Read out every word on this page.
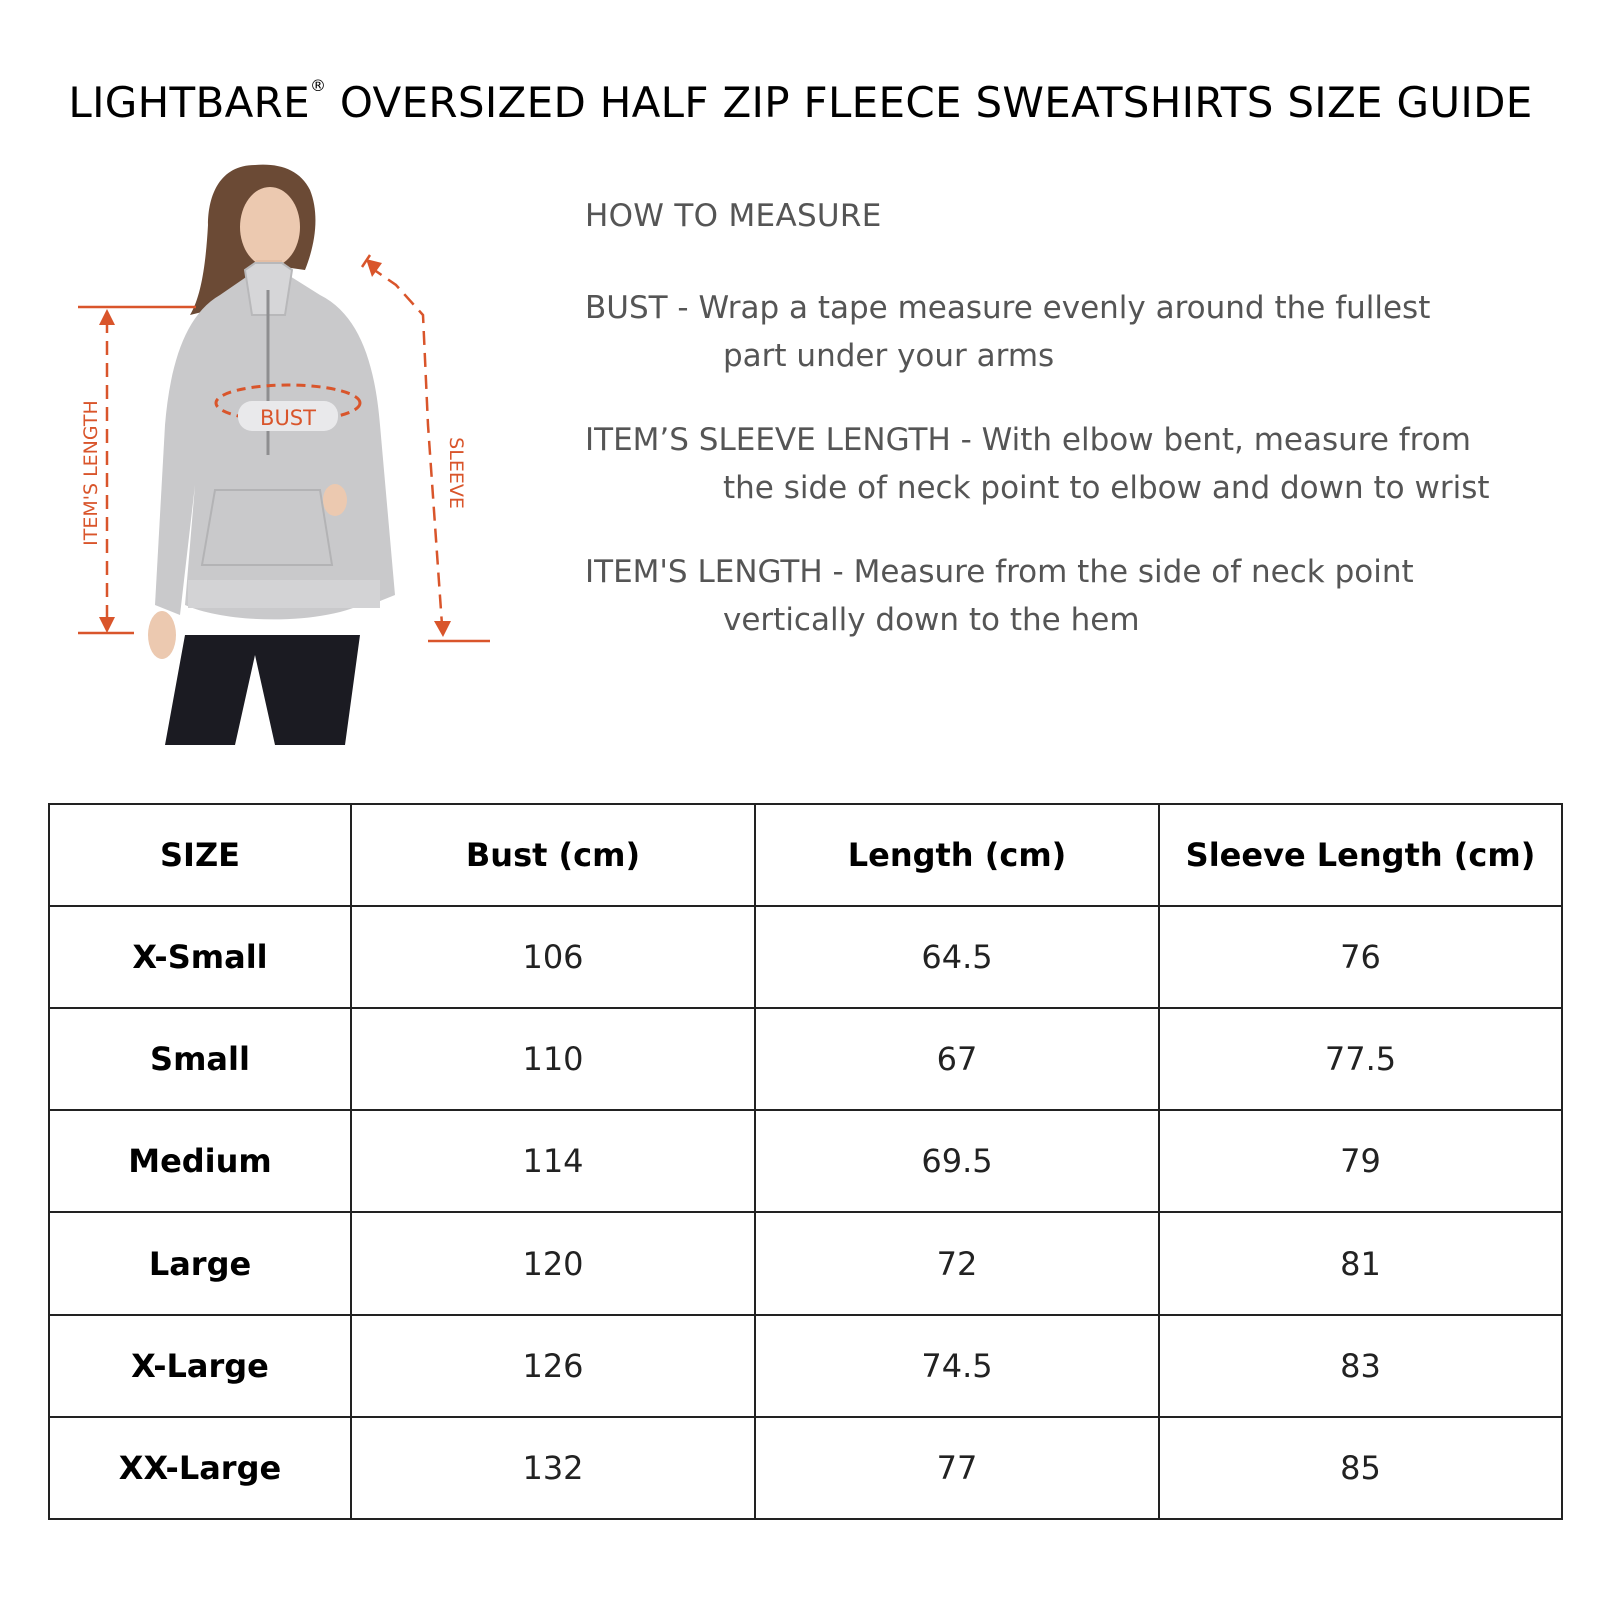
LIGHTBARE® OVERSIZED HALF ZIP FLEECE SWEATSHIRTS SIZE GUIDE
BUST
ITEM'S LENGTH	SLEEVE
HOW TO MEASURE
BUST - Wrap a tape measure evenly around the fullest
part under your arms
ITEM’S SLEEVE LENGTH - With elbow bent, measure from
the side of neck point to elbow and down to wrist
ITEM'S LENGTH - Measure from the side of neck point
vertically down to the hem
SIZE	Bust (cm)	Length (cm)	Sleeve Length (cm)
X-Small	106	64.5	76
Small	110	67	77.5
Medium	114	69.5	79
Large	120	72	81
X-Large	126	74.5	83
XX-Large	132	77	85
